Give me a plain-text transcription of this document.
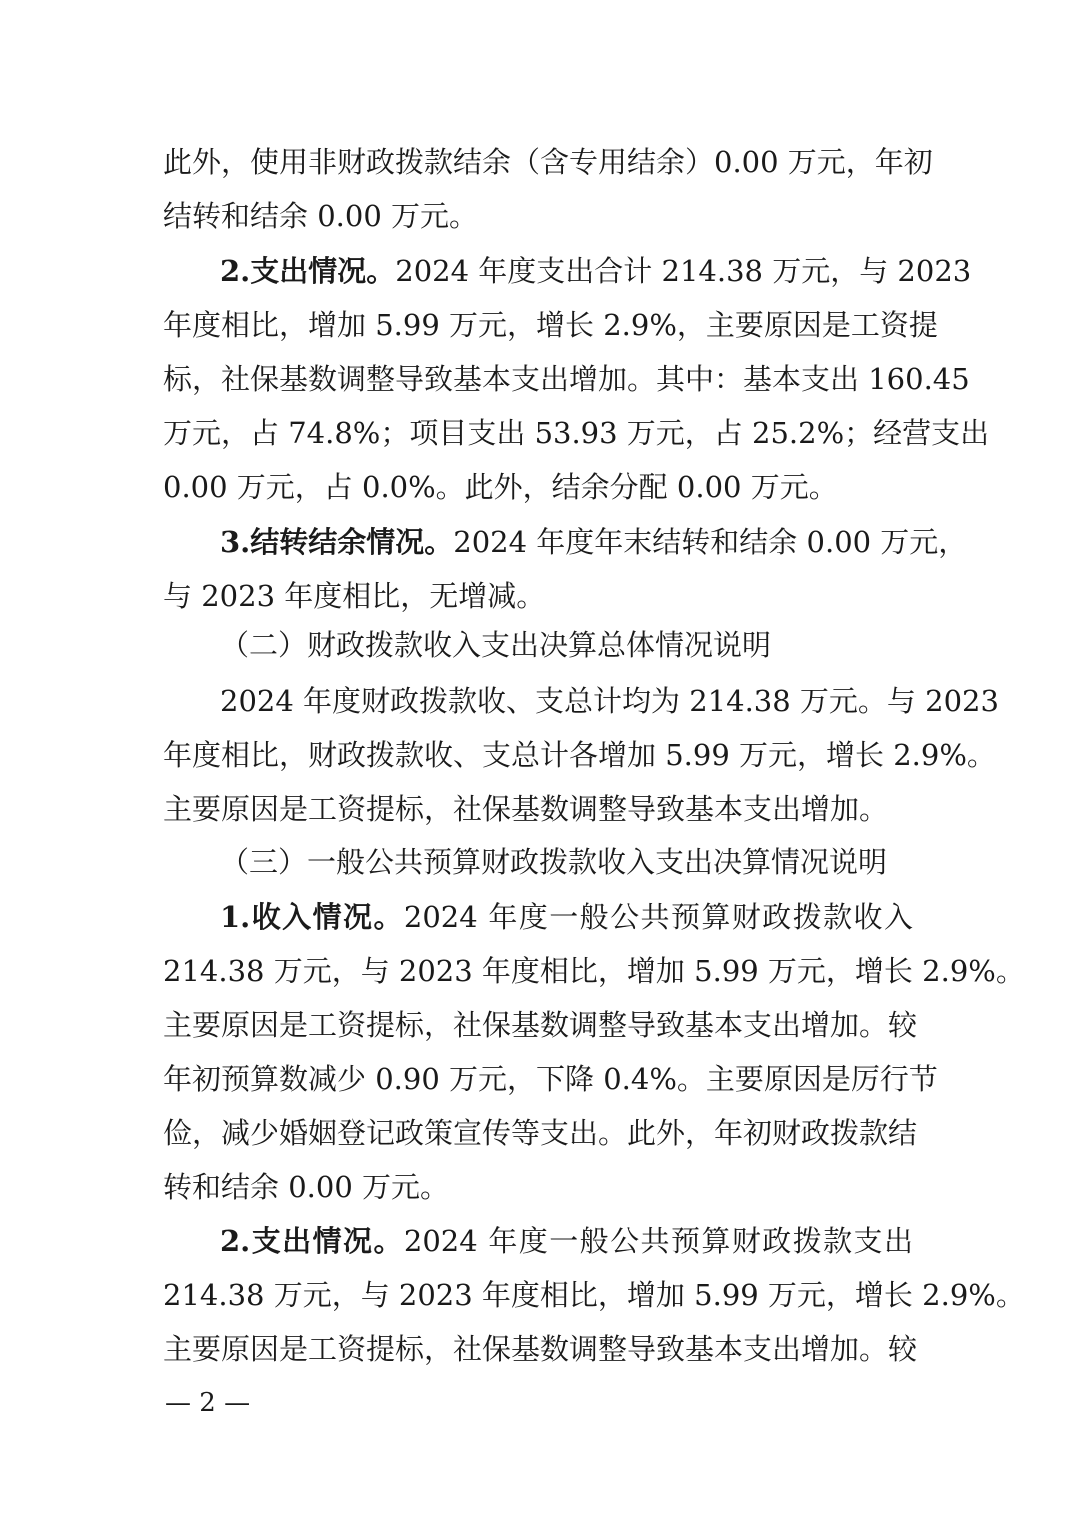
此外，使用非财政拨款结余（含专用结余）0.00 万元，年初
结转和结余 0.00 万元。
2.支出情况。2024 年度支出合计 214.38 万元，与 2023
年度相比，增加 5.99 万元，增长 2.9%，主要原因是工资提
标，社保基数调整导致基本支出增加。其中：基本支出 160.45
万元，占 74.8%；项目支出 53.93 万元，占 25.2%；经营支出
0.00 万元，占 0.0%。此外，结余分配 0.00 万元。
3.结转结余情况。2024 年度年末结转和结余 0.00 万元，
与 2023 年度相比，无增减。
（二）财政拨款收入支出决算总体情况说明
2024 年度财政拨款收、支总计均为 214.38 万元。与 2023
年度相比，财政拨款收、支总计各增加 5.99 万元，增长 2.9%。
主要原因是工资提标，社保基数调整导致基本支出增加。
（三）一般公共预算财政拨款收入支出决算情况说明
1.收入情况。2024 年度一般公共预算财政拨款收入
214.38 万元，与 2023 年度相比，增加 5.99 万元，增长 2.9%。
主要原因是工资提标，社保基数调整导致基本支出增加。较
年初预算数减少 0.90 万元，下降 0.4%。主要原因是厉行节
俭，减少婚姻登记政策宣传等支出。此外，年初财政拨款结
转和结余 0.00 万元。
2.支出情况。2024 年度一般公共预算财政拨款支出
214.38 万元，与 2023 年度相比，增加 5.99 万元，增长 2.9%。
主要原因是工资提标，社保基数调整导致基本支出增加。较
— 2 —
